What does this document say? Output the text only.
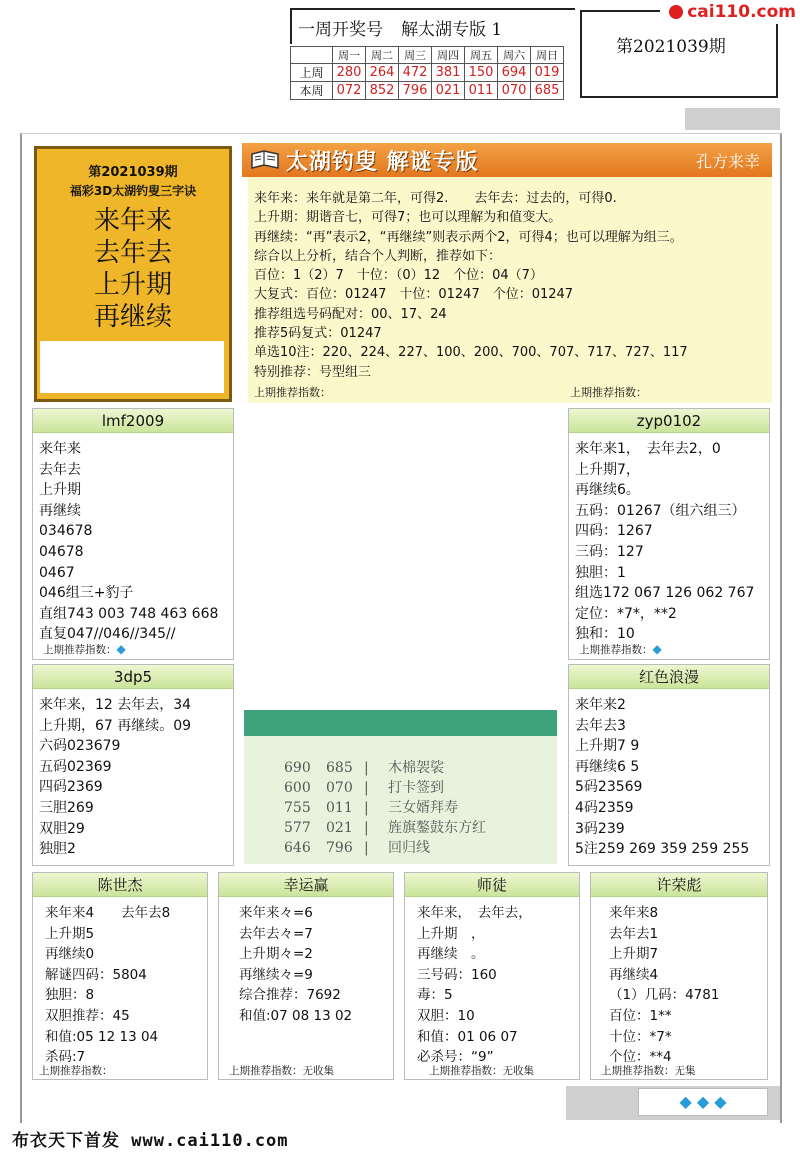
一周开奖号 解太湖专版 1
第2021039期
cai110.com
	周一	周二	周三	周四	周五	周六	周日
上周	280	264	472	381	150	694	019
本周	072	852	796	021	011	070	685
第2021039期
福彩3D太湖钓叟三字诀
来年来
去年去
上升期
再继续
太湖钓叟 解谜专版	孔方来幸
来年来：来年就是第二年，可得2.　　去年去：过去的，可得0.
上升期：期谐音七，可得7；也可以理解为和值变大。
再继续：“再”表示2，“再继续”则表示两个2，可得4；也可以理解为组三。
综合以上分析，结合个人判断，推荐如下：
百位：1（2）7　十位：（0）12　个位：04（7）
大复式：百位：01247　十位：01247　个位：01247
推荐组选号码配对：00、17、24
推荐5码复式：01247
单选10注：220、224、227、100、200、700、707、717、727、117
特别推荐：号型组三
上期推荐指数：	上期推荐指数：
lmf2009
来年来
去年去
上升期
再继续
034678
04678
0467
046组三+豹子
直组743 003 748 463 668
直复047//046//345//
上期推荐指数：◆
zyp0102
来年来1，　去年去2，0
上升期7，
再继续6。
五码：01267（组六组三）
四码：1267
三码：127
独胆：1
组选172 067 126 062 767
定位：*7*，**2
独和：10
上期推荐指数：◆
3dp5
来年来，12 去年去，34
上升期，67 再继续。09
六码023679
五码02369
四码2369
三胆269
双胆29
独胆2
红色浪漫
来年来2
去年去3
上升期7 9
再继续6 5
5码23569
4码2359
3码239
5注259 269 359 259 255
690 685 | 木棉袈裟
600 070 | 打卡签到
755 011 | 三女婿拜寿
577 021 | 旌旗鏊鼓东方红
646 796 | 回归线
陈世杰
来年来4　　去年去8
上升期5
再继续0
解谜四码：5804
独胆：8
双胆推荐：45
和值:05 12 13 04
杀码:7
上期推荐指数：
幸运赢
来年来々=6
去年去々=7
上升期々=2
再继续々=9
综合推荐：7692
和值:07 08 13 02
上期推荐指数：无收集
师徒
来年来，　去年去，
上升期　，
再继续　。
三号码：160
毒：5
双胆：10
和值：01 06 07
必杀号：“9”
上期推荐指数：无收集
许荣彪
来年来8
去年去1
上升期7
再继续4
（1）几码：4781
百位：1**
十位：*7*
个位：**4
上期推荐指数：无集
◆ ◆ ◆
布衣天下首发 www.cai110.com
